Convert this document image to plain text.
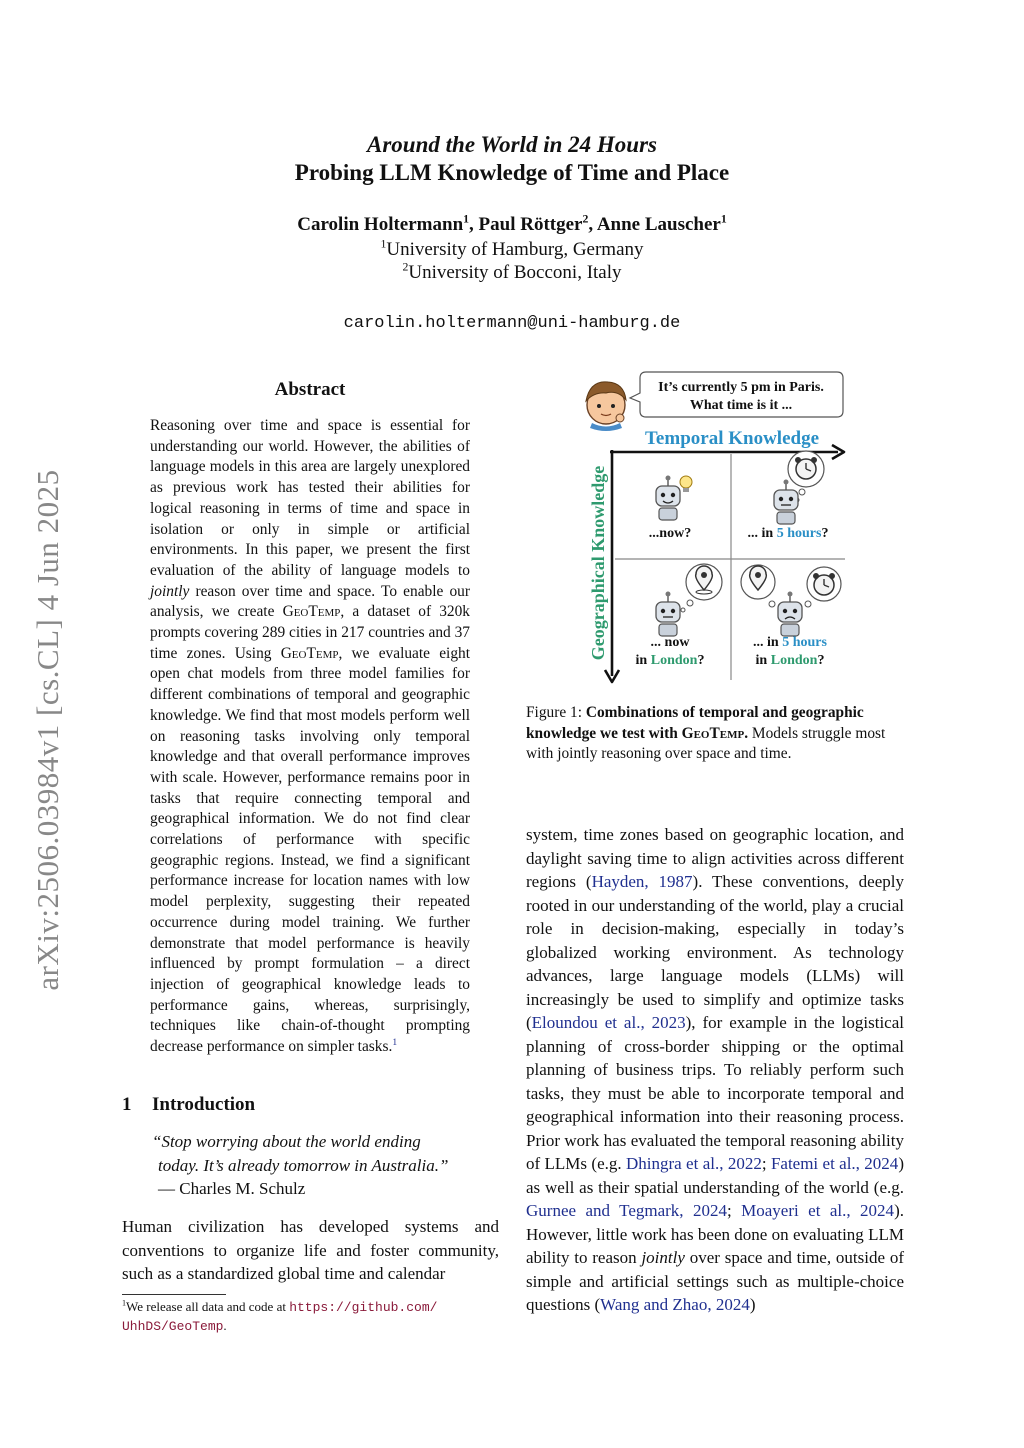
arXiv:2506.03984v1 [cs.CL] 4 Jun 2025
Around the World in 24 Hours
Probing LLM Knowledge of Time and Place
Carolin Holtermann$^1$, Paul Röttger$^2$, Anne Lauscher$^1$
$^1$University of Hamburg, Germany
$^2$University of Bocconi, Italy
carolin.holtermann@uni-hamburg.de
Abstract
Reasoning over time and space is essential for understanding our world. However, the abilities of language models in this area are largely unexplored as previous work has tested their abilities for logical reasoning in terms of time and space in isolation or only in simple or artificial environments. In this paper, we present the first evaluation of the ability of language models to jointly reason over time and space. To enable our analysis, we create GeoTemp, a dataset of 320k prompts covering 289 cities in 217 countries and 37 time zones. Using GeoTemp, we evaluate eight open chat models from three model families for different combinations of temporal and geographic knowledge. We find that most models perform well on reasoning tasks involving only temporal knowledge and that overall performance improves with scale. However, performance remains poor in tasks that require connecting temporal and geographical information. We do not find clear correlations of performance with specific geographic regions. Instead, we find a significant performance increase for location names with low model perplexity, suggesting their repeated occurrence during model training. We further demonstrate that model performance is heavily influenced by prompt formulation – a direct injection of geographical knowledge leads to performance gains, whereas, surprisingly, techniques like chain-of-thought prompting decrease performance on simpler tasks.$^1$
1 Introduction
“Stop worrying about the world ending
today. It’s already tomorrow in Australia.”
— Charles M. Schulz
Human civilization has developed systems and conventions to organize life and foster community, such as a standardized global time and calendar
$^1$We release all data and code at https://github.com/
UhhDS/GeoTemp.
It’s currently 5 pm in Paris.
What time is it ...
Temporal Knowledge
Geographical Knowledge	...now?	... in 5 hours?
... now
in London?
... in 5 hours
in London?
Figure 1: Combinations of temporal and geographic knowledge we test with GeoTemp. Models struggle most with jointly reasoning over space and time.
system, time zones based on geographic location, and daylight saving time to align activities across different regions (Hayden, 1987). These conventions, deeply rooted in our understanding of the world, play a crucial role in decision-making, especially in today’s globalized working environment. As technology advances, large language models (LLMs) will increasingly be used to simplify and optimize tasks (Eloundou et al., 2023), for example in the logistical planning of cross-border shipping or the optimal planning of business trips. To reliably perform such tasks, they must be able to incorporate temporal and geographical information into their reasoning process. Prior work has evaluated the temporal reasoning ability of LLMs (e.g. Dhingra et al., 2022; Fatemi et al., 2024) as well as their spatial understanding of the world (e.g. Gurnee and Tegmark, 2024; Moayeri et al., 2024). However, little work has been done on evaluating LLM ability to reason jointly over space and time, outside of simple and artificial settings such as multiple-choice questions (Wang and Zhao, 2024)
